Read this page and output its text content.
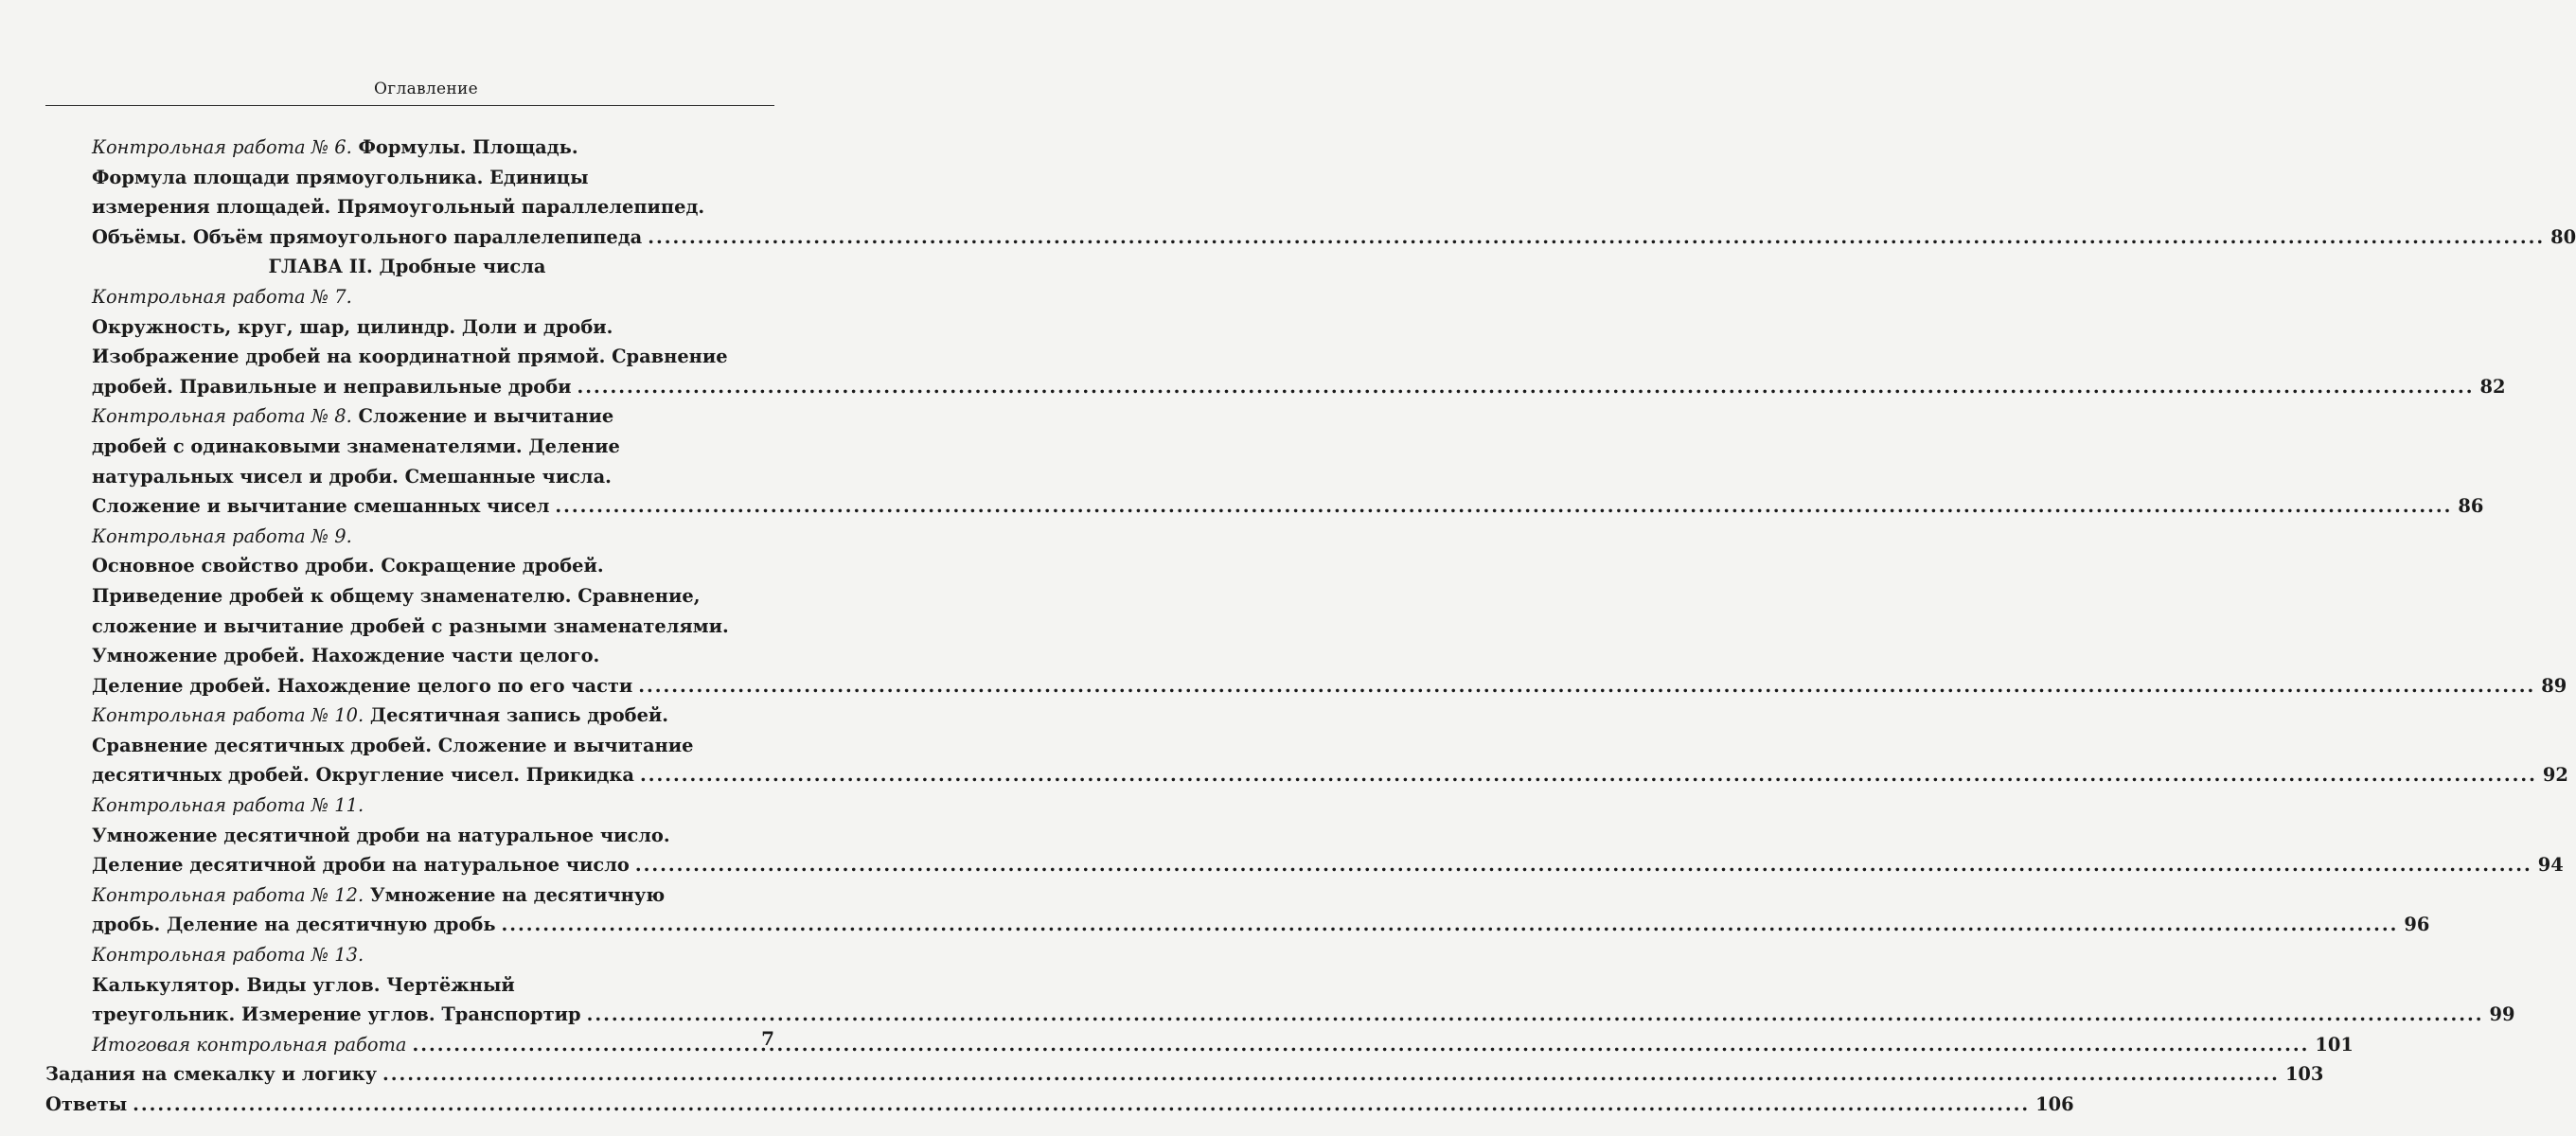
Оглавление
Контрольная работа № 6. Формулы. Площадь.
Формула площади прямоугольника. Единицы
измерения площадей. Прямоугольный параллелепипед.
Объёмы. Объём прямоугольного параллелепипеда .....	80
ГЛАВА II. Дробные числа
Контрольная работа № 7.
Окружность, круг, шар, цилиндр. Доли и дроби.
Изображение дробей на координатной прямой. Сравнение
дробей. Правильные и неправильные дроби .....	82
Контрольная работа № 8. Сложение и вычитание
дробей с одинаковыми знаменателями. Деление
натуральных чисел и дроби. Смешанные числа.
Сложение и вычитание смешанных чисел .....	86
Контрольная работа № 9.
Основное свойство дроби. Сокращение дробей.
Приведение дробей к общему знаменателю. Сравнение,
сложение и вычитание дробей с разными знаменателями.
Умножение дробей. Нахождение части целого.
Деление дробей. Нахождение целого по его части .....	89
Контрольная работа № 10. Десятичная запись дробей.
Сравнение десятичных дробей. Сложение и вычитание
десятичных дробей. Округление чисел. Прикидка .....	92
Контрольная работа № 11.
Умножение десятичной дроби на натуральное число.
Деление десятичной дроби на натуральное число .....	94
Контрольная работа № 12. Умножение на десятичную
дробь. Деление на десятичную дробь .....	96
Контрольная работа № 13.
Калькулятор. Виды углов. Чертёжный
треугольник. Измерение углов. Транспортир .....	99
Итоговая контрольная работа .....	101
Задания на смекалку и логику .....	103
Ответы .....	106
7
